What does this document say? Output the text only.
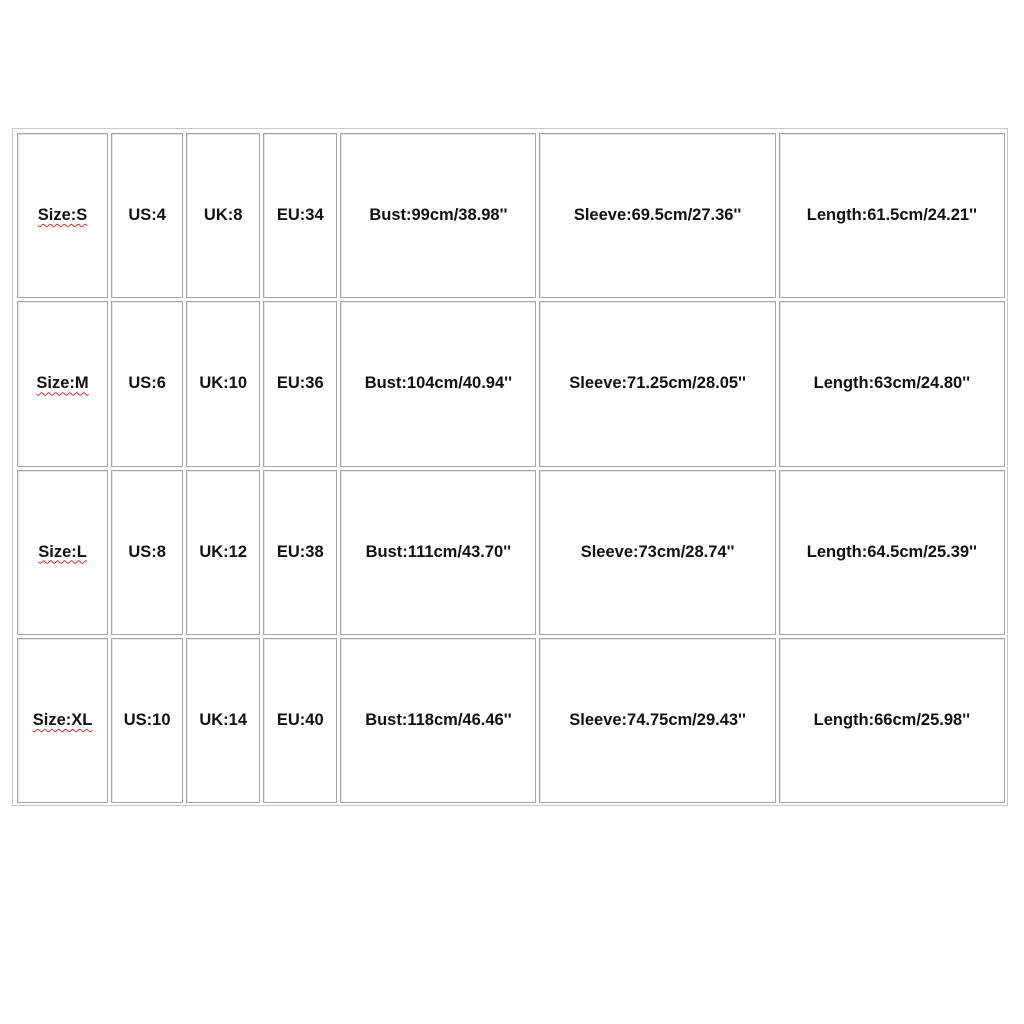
Size:S	US:4	UK:8	EU:34	Bust:99cm/38.98''	Sleeve:69.5cm/27.36''	Length:61.5cm/24.21''
Size:M	US:6	UK:10	EU:36	Bust:104cm/40.94''	Sleeve:71.25cm/28.05''	Length:63cm/24.80''
Size:L	US:8	UK:12	EU:38	Bust:111cm/43.70''	Sleeve:73cm/28.74''	Length:64.5cm/25.39''
Size:XL	US:10	UK:14	EU:40	Bust:118cm/46.46''	Sleeve:74.75cm/29.43''	Length:66cm/25.98''
